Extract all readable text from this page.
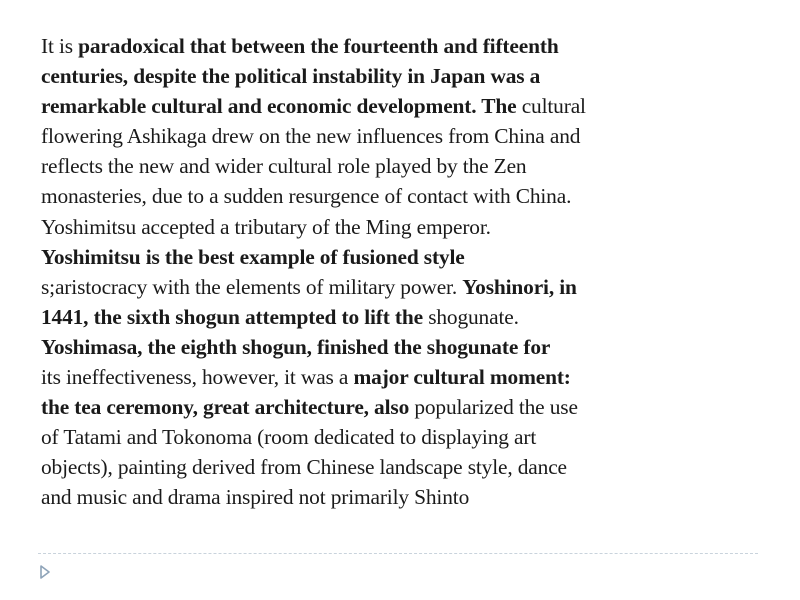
It is paradoxical that between the fourteenth and fifteenth
centuries, despite the political instability in Japan was a
remarkable cultural and economic development. The cultural
flowering Ashikaga drew on the new influences from China and
reflects the new and wider cultural role played by the Zen
monasteries, due to a sudden resurgence of contact with China.
Yoshimitsu accepted a tributary of the Ming emperor.
Yoshimitsu is the best example of fusioned style
s;aristocracy with the elements of military power. Yoshinori, in
1441, the sixth shogun attempted to lift the shogunate.
Yoshimasa, the eighth shogun, finished the shogunate for
its ineffectiveness, however, it was a major cultural moment:
the tea ceremony, great architecture, also popularized the use
of Tatami and Tokonoma (room dedicated to displaying art
objects), painting derived from Chinese landscape style, dance
and music and drama inspired not primarily Shinto
